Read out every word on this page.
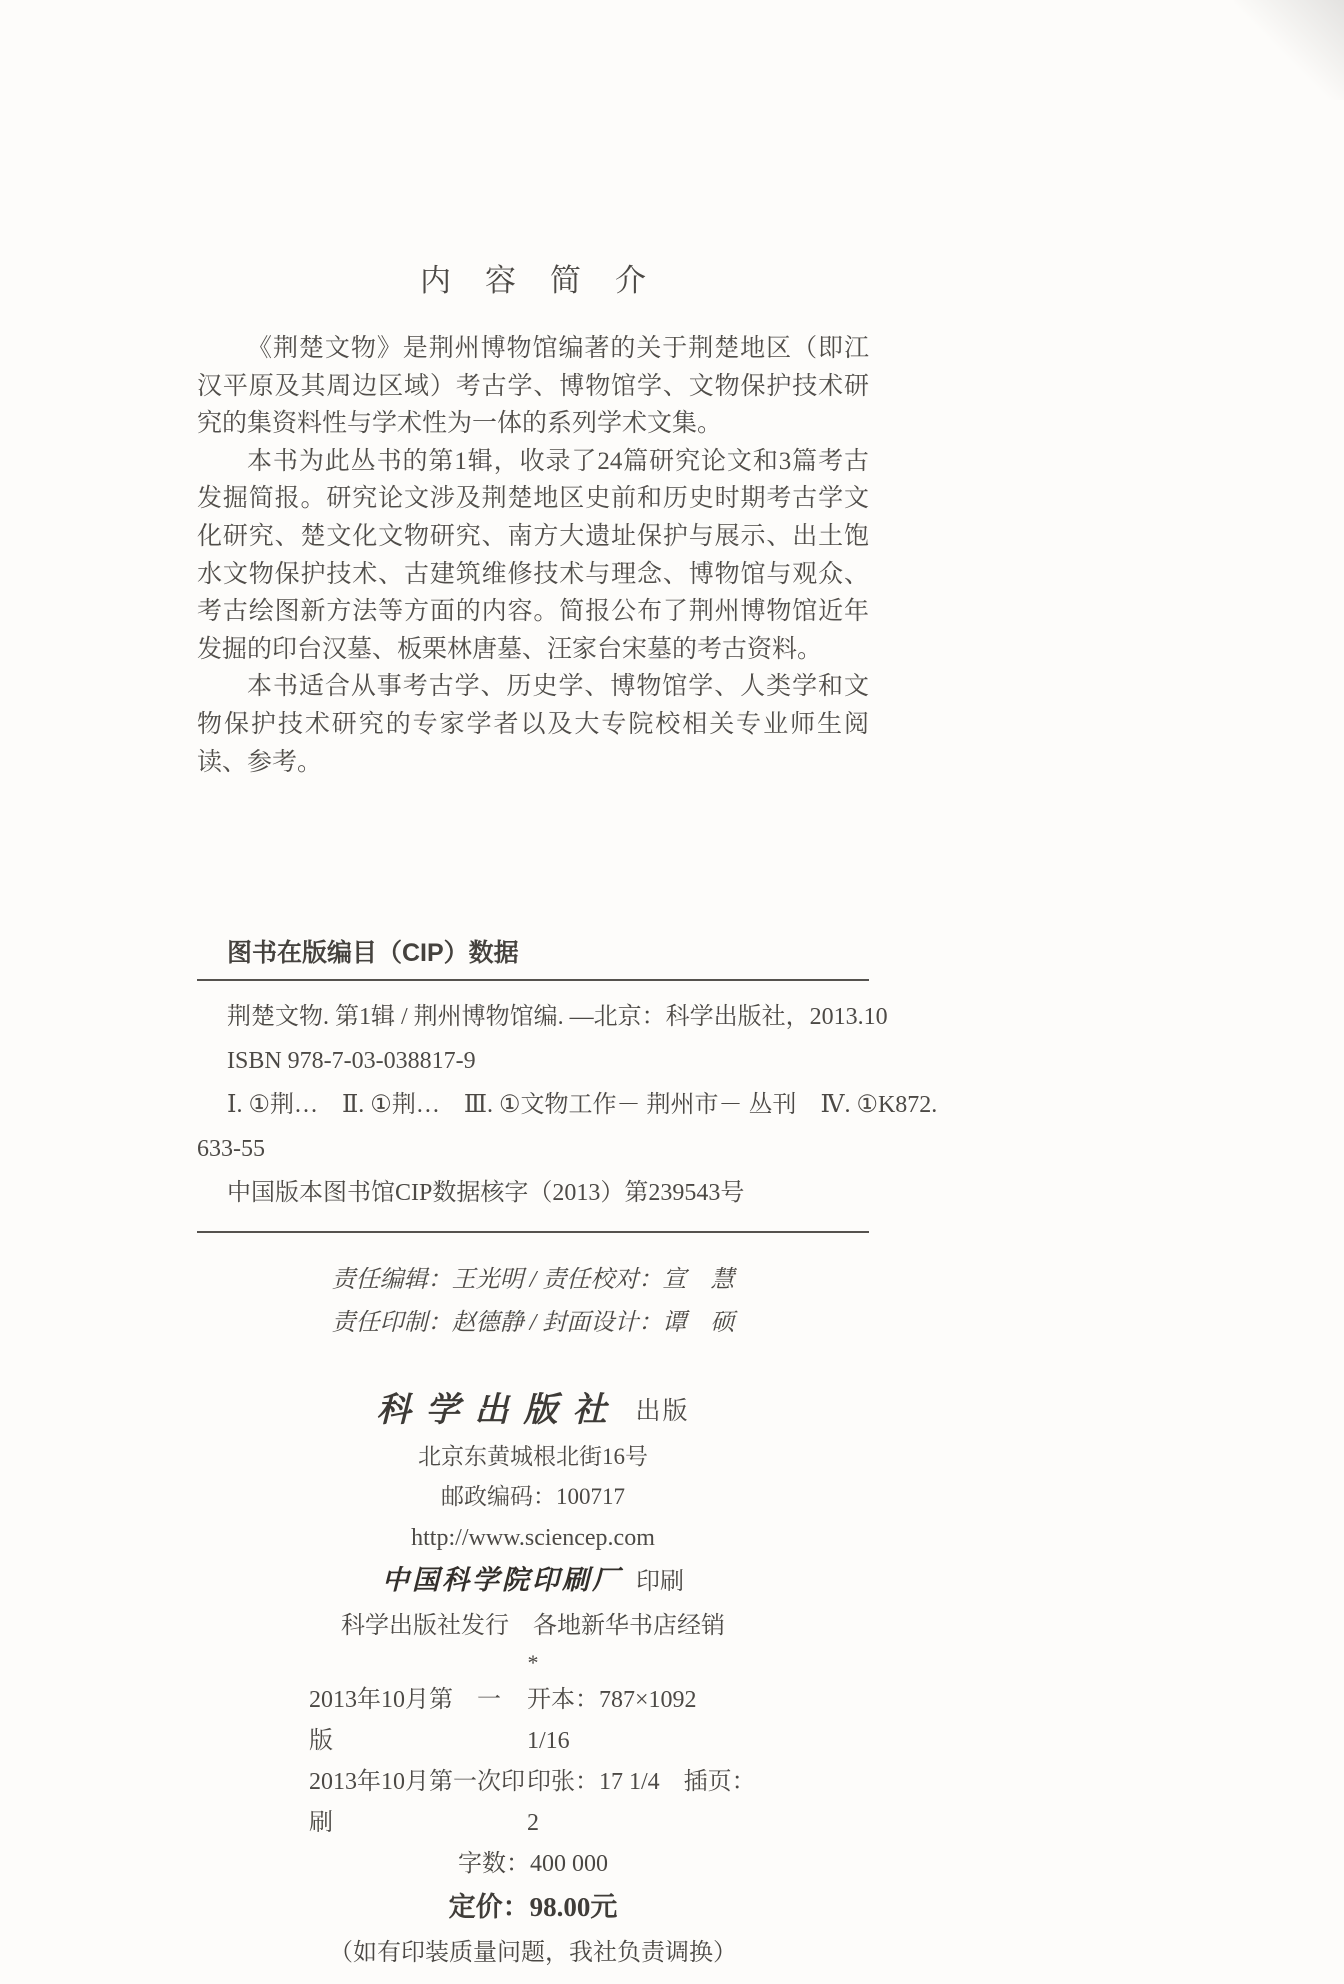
内容简介

《荆楚文物》是荆州博物馆编著的关于荆楚地区（即江汉平原及其周边区域）考古学、博物馆学、文物保护技术研究的集资料性与学术性为一体的系列学术文集。

本书为此丛书的第1辑，收录了24篇研究论文和3篇考古发掘简报。研究论文涉及荆楚地区史前和历史时期考古学文化研究、楚文化文物研究、南方大遗址保护与展示、出土饱水文物保护技术、古建筑维修技术与理念、博物馆与观众、考古绘图新方法等方面的内容。简报公布了荆州博物馆近年发掘的印台汉墓、板栗林唐墓、汪家台宋墓的考古资料。

本书适合从事考古学、历史学、博物馆学、人类学和文物保护技术研究的专家学者以及大专院校相关专业师生阅读、参考。

图书在版编目（CIP）数据
荆楚文物. 第1辑 / 荆州博物馆编. —北京：科学出版社，2013.10
ISBN 978-7-03-038817-9
Ⅰ. ①荆…　Ⅱ. ①荆…　Ⅲ. ①文物工作－ 荆州市－ 丛刊　Ⅳ. ①K872.
633-55
中国版本图书馆CIP数据核字（2013）第239543号
责任编辑：王光明 / 责任校对：宣　慧
责任印制：赵德静 / 封面设计：谭　硕
科学出版社 出版
北京东黄城根北街16号
邮政编码：100717
http://www.sciencep.com
中国科学院印刷厂 印刷
科学出版社发行　各地新华书店经销
*
2013年10月第　一　版
开本：787×1092　1/16
2013年10月第一次印刷
印张：17 1/4　插页：2
字数：400 000
定价：98.00元
（如有印装质量问题，我社负责调换）
